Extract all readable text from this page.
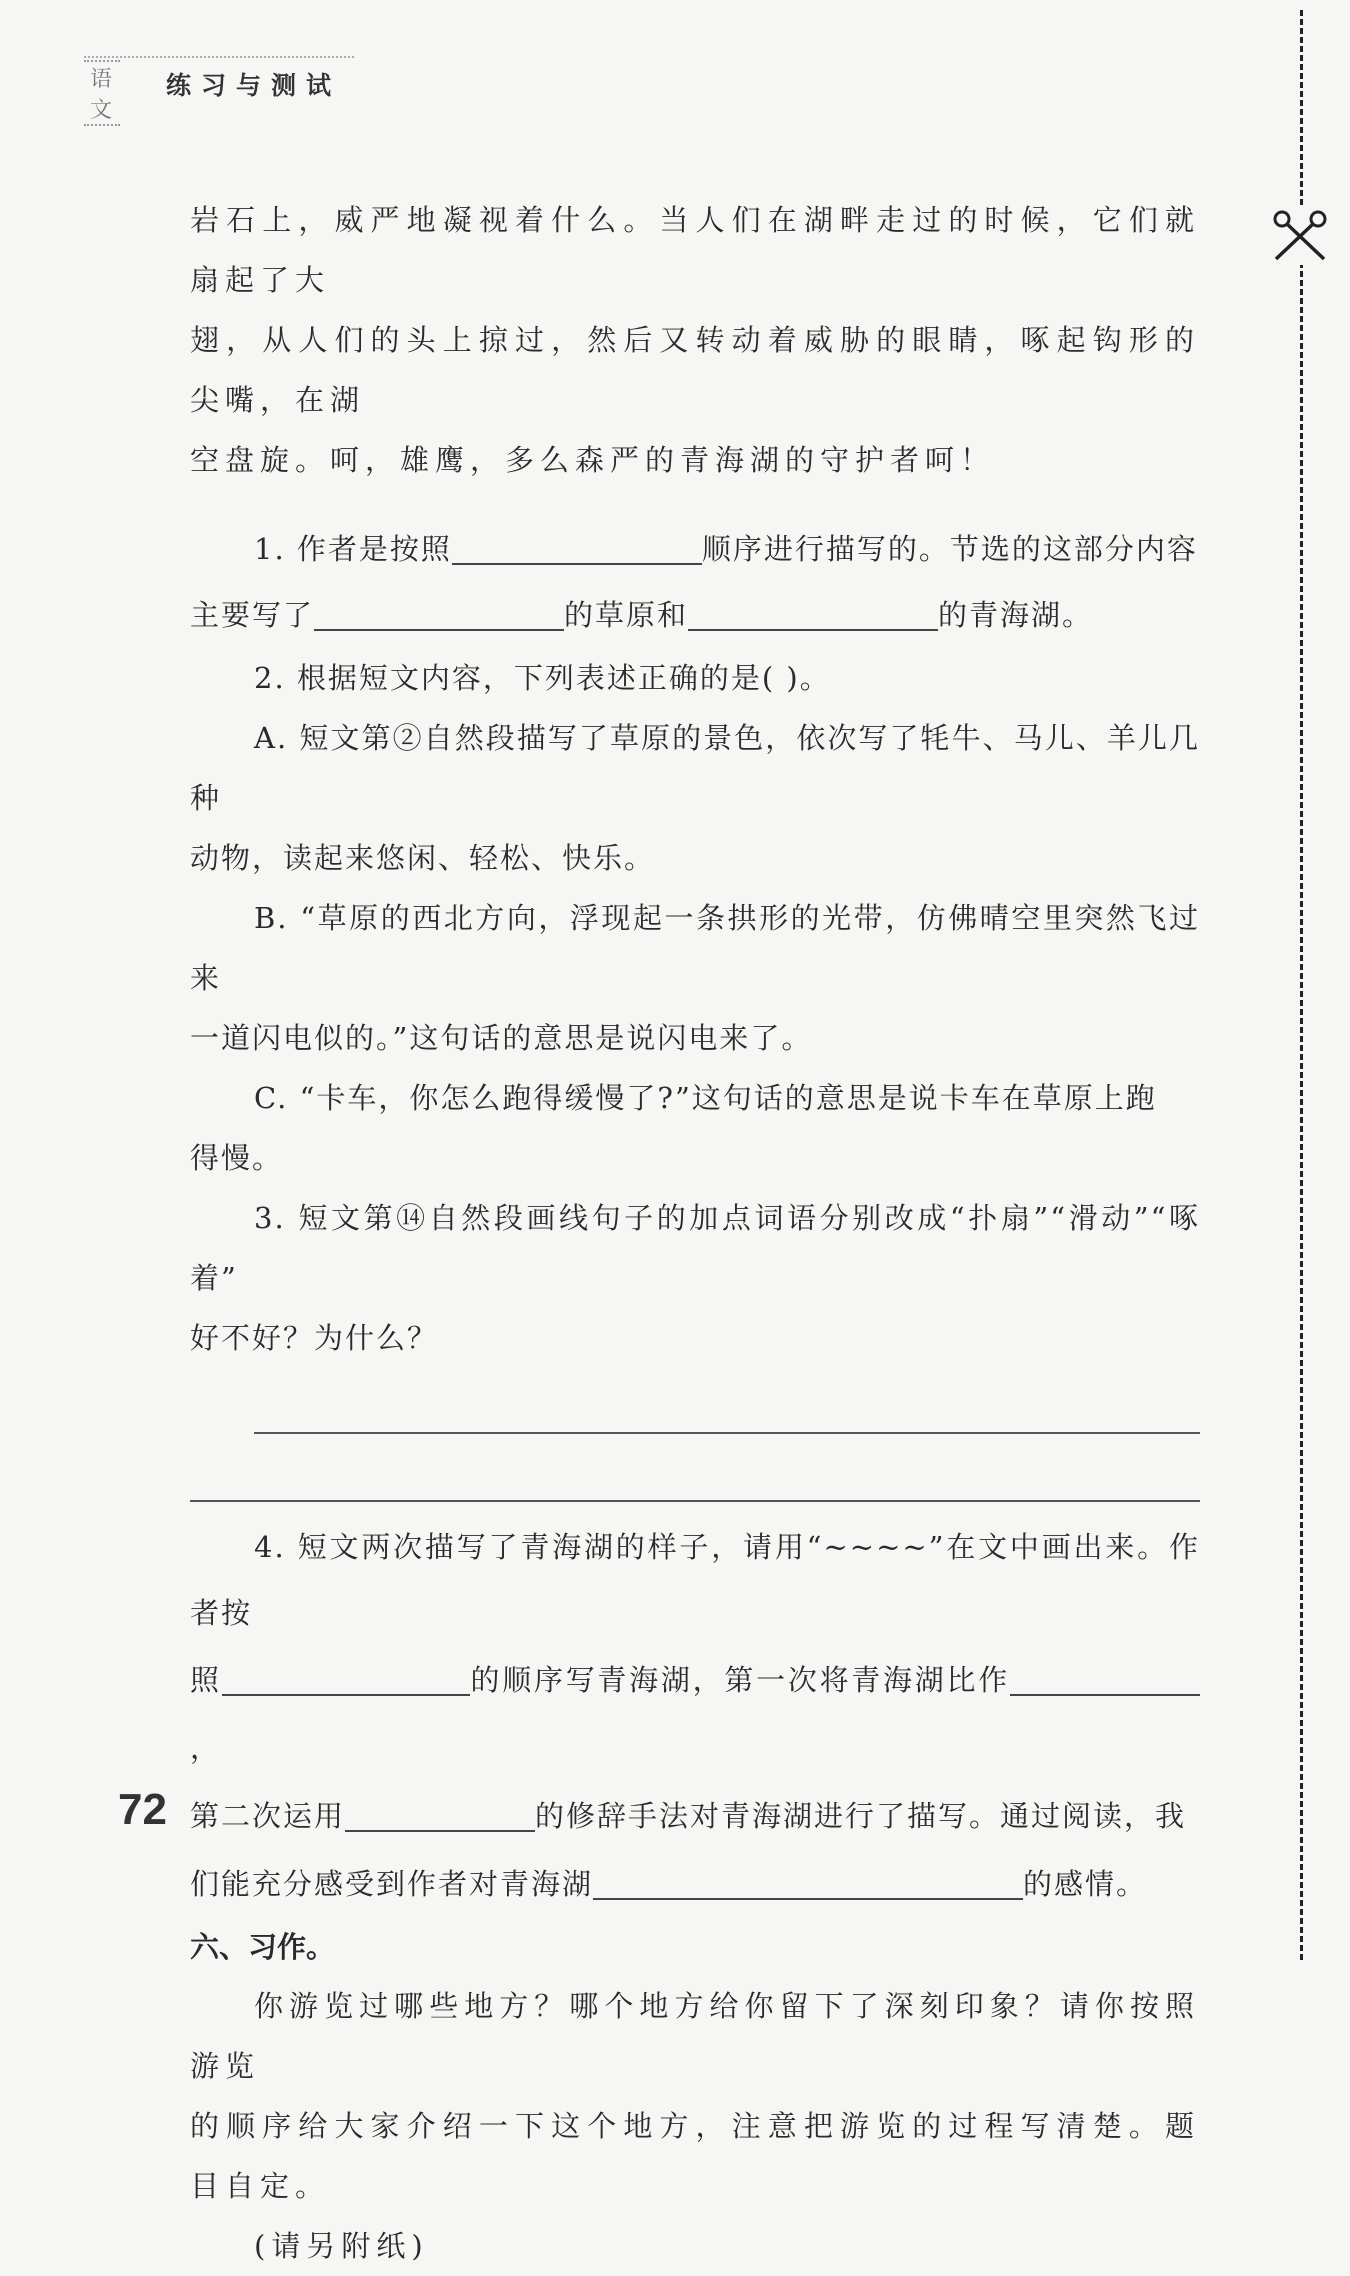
语文
练习与测试

岩石上，威严地凝视着什么。当人们在湖畔走过的时候，它们就扇起了大

翅，从人们的头上掠过，然后又转动着威胁的眼睛，啄起钩形的尖嘴，在湖

空盘旋。呵，雄鹰，多么森严的青海湖的守护者呵！

1. 作者是按照	顺序进行描写的。节选的这部分内容

主要写了	的草原和	的青海湖。

2. 根据短文内容，下列表述正确的是( )。

A. 短文第②自然段描写了草原的景色，依次写了牦牛、马儿、羊儿几种

动物，读起来悠闲、轻松、快乐。

B. “草原的西北方向，浮现起一条拱形的光带，仿佛晴空里突然飞过来

一道闪电似的。”这句话的意思是说闪电来了。

C. “卡车，你怎么跑得缓慢了?”这句话的意思是说卡车在草原上跑

得慢。

3. 短文第⑭自然段画线句子的加点词语分别改成“扑扇”“滑动”“啄着”

好不好？为什么？

4. 短文两次描写了青海湖的样子，请用“~~~~”在文中画出来。作者按

照	的顺序写青海湖，第一次将青海湖比作，

第二次运用	的修辞手法对青海湖进行了描写。通过阅读，我

们能充分感受到作者对青海湖	的感情。

六、习作。

你游览过哪些地方？哪个地方给你留下了深刻印象？请你按照游览

的顺序给大家介绍一下这个地方，注意把游览的过程写清楚。题目自定。

(请另附纸)

72
